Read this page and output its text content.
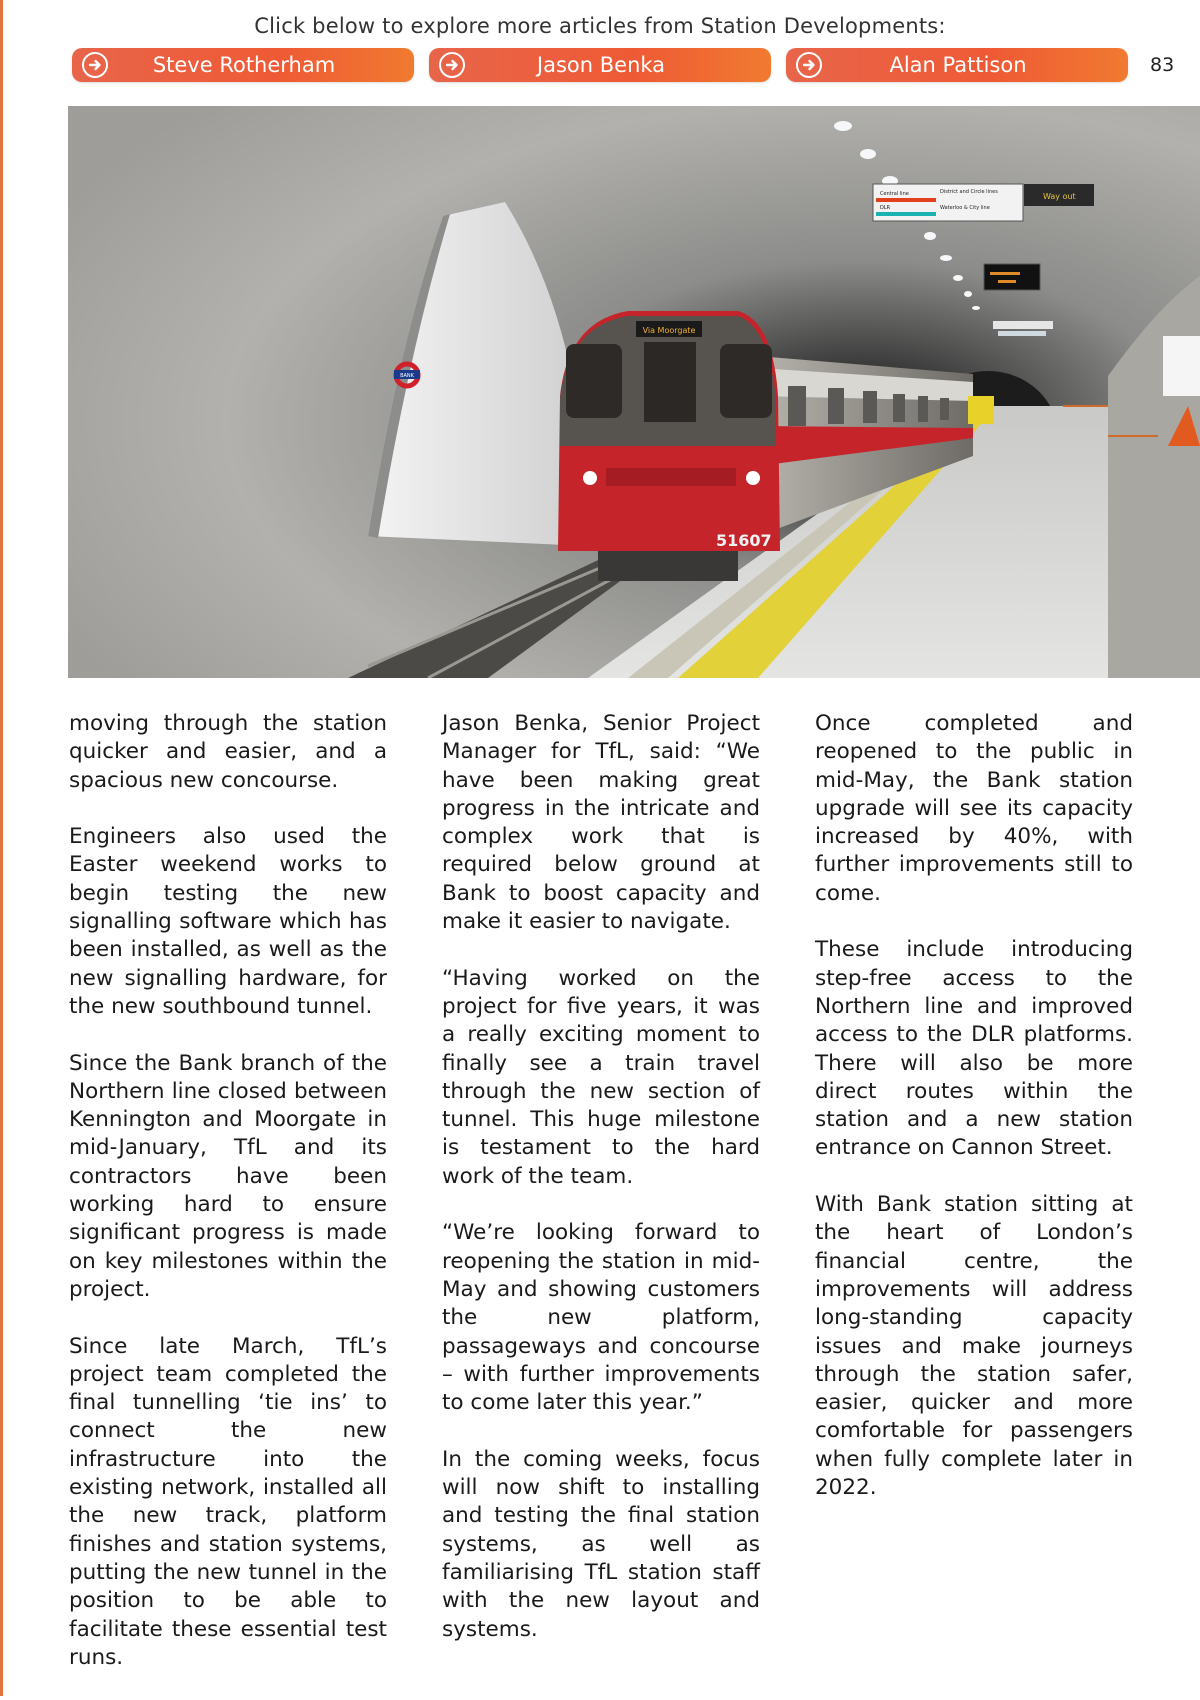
Click below to explore more articles from Station Developments:
Steve Rotherham	Jason Benka	Alan Pattison	83
BANK
Via Moorgate
51607
Way out
Central line	District and Circle lines
DLR	Waterloo & City line

moving through the station quicker and easier, and a spacious new concourse.

Engineers also used the Easter weekend works to begin testing the new signalling software which has been installed, as well as the new signalling hardware, for the new southbound tunnel.

Since the Bank branch of the Northern line closed between Kennington and Moorgate in mid-January, TfL and its contractors have been working hard to ensure significant progress is made on key milestones within the project.

Since late March, TfL’s project team completed the final tunnelling ‘tie ins’ to connect the new infrastructure into the existing network, installed all the new track, platform finishes and station systems, putting the new tunnel in the position to be able to facilitate these essential test runs.

Jason Benka, Senior Project Manager for TfL, said: “We have been making great progress in the intricate and complex work that is required below ground at Bank to boost capacity and make it easier to navigate.

“Having worked on the project for five years, it was a really exciting moment to finally see a train travel through the new section of tunnel. This huge milestone is testament to the hard work of the team.

“We’re looking forward to reopening the station in mid-May and showing customers the new platform, passageways and concourse – with further improvements to come later this year.”

In the coming weeks, focus will now shift to installing and testing the final station systems, as well as familiarising TfL station staff with the new layout and systems.

Once completed and reopened to the public in mid-May, the Bank station upgrade will see its capacity increased by 40%, with further improvements still to come.

These include introducing step-free access to the Northern line and improved access to the DLR platforms. There will also be more direct routes within the station and a new station entrance on Cannon Street.

With Bank station sitting at the heart of London’s financial centre, the improvements will address long-standing capacity issues and make journeys through the station safer, easier, quicker and more comfortable for passengers when fully complete later in 2022.
